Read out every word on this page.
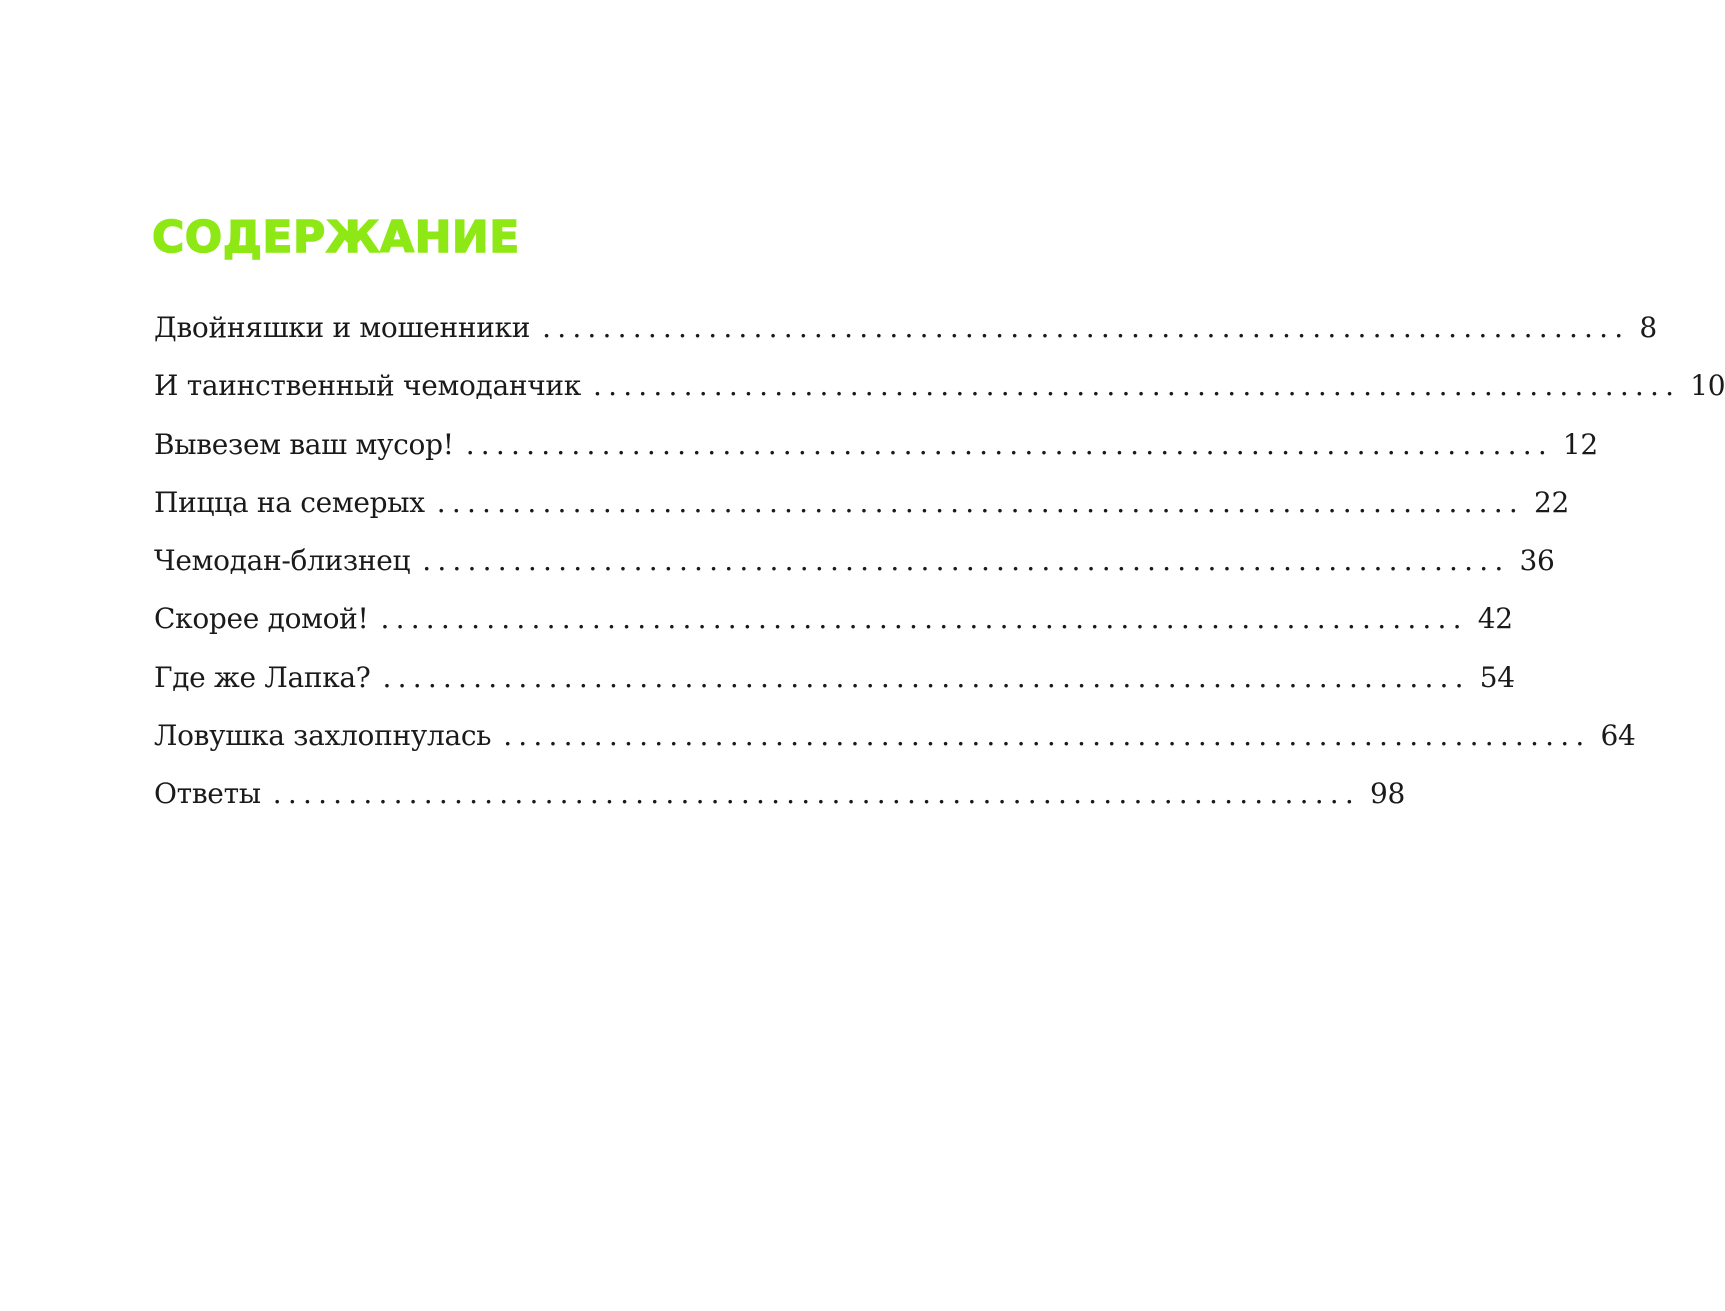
СОДЕРЖАНИЕ
Двойняшки и мошенники ........................................................................ 8
И таинственный чемоданчик ........................................................................ 10
Вывезем ваш мусор! ........................................................................ 12
Пицца на семерых ........................................................................ 22
Чемодан-близнец ........................................................................ 36
Скорее домой! ........................................................................ 42
Где же Лапка? ........................................................................ 54
Ловушка захлопнулась ........................................................................ 64
Ответы ........................................................................ 98
